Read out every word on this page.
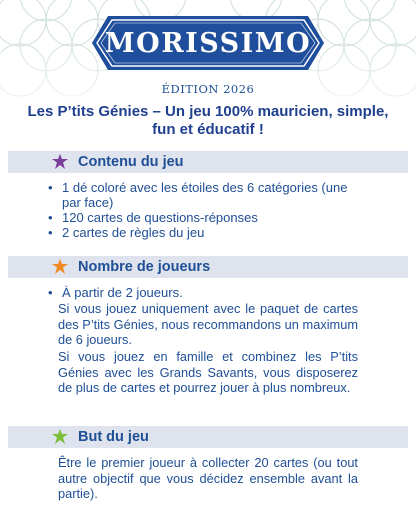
MORISSIMO
ÉDITION 2026
Les P’tits Génies – Un jeu 100% mauricien, simple, fun et éducatif !
Contenu du jeu
• 1 dé coloré avec les étoiles des 6 catégories (une par face)
• 120 cartes de questions-réponses
• 2 cartes de règles du jeu
Nombre de joueurs
• À partir de 2 joueurs.
Si vous jouez uniquement avec le paquet de cartes des P’tits Génies, nous recommandons un maximum de 6 joueurs.
Si vous jouez en famille et combinez les P’tits Génies avec les Grands Savants, vous disposerez de plus de cartes et pourrez jouer à plus nombreux.
But du jeu
Être le premier joueur à collecter 20 cartes (ou tout autre objectif que vous décidez ensemble avant la partie).
